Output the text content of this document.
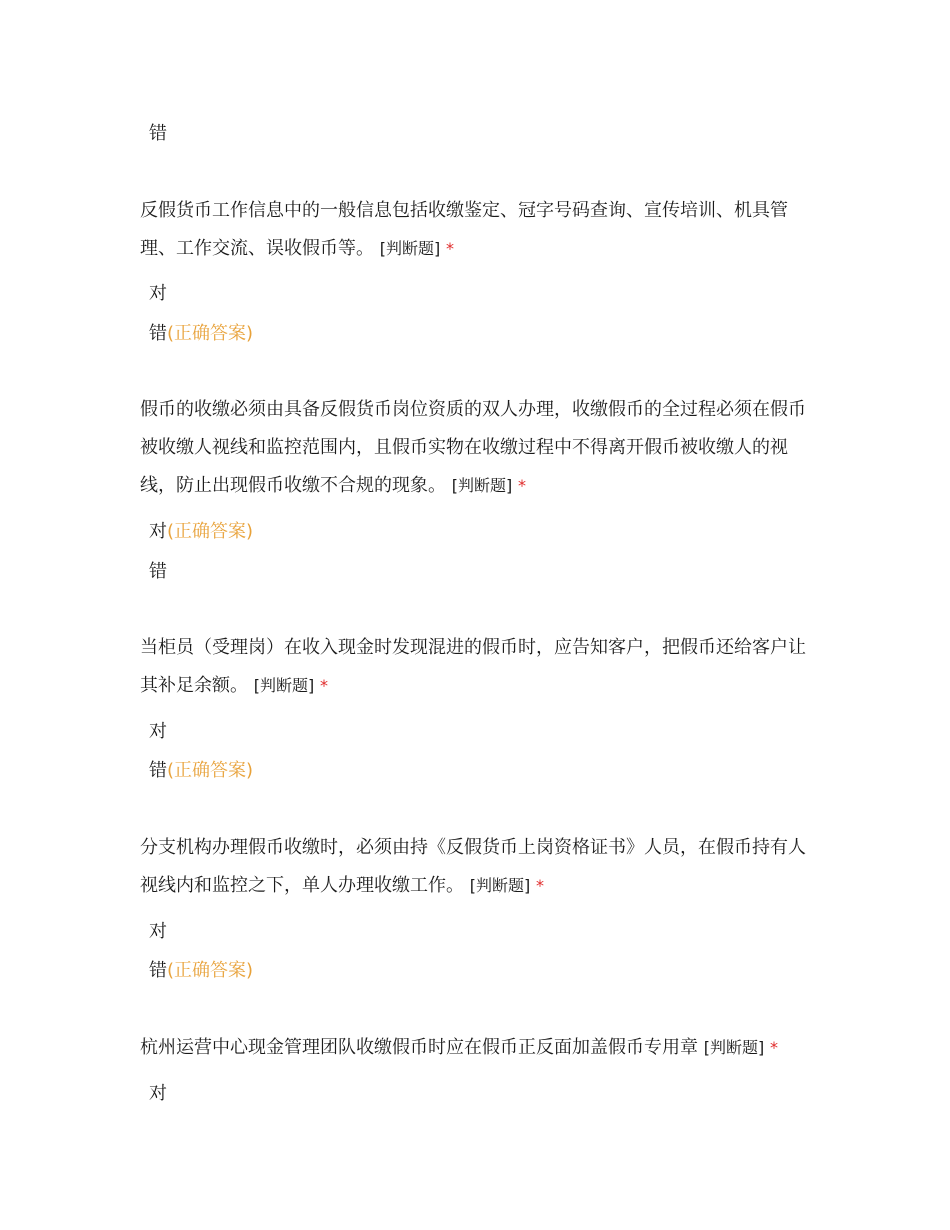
错
反假货币工作信息中的一般信息包括收缴鉴定、冠字号码查询、宣传培训、机具管理、工作交流、误收假币等。 [判断题] *
对
错(正确答案)
假币的收缴必须由具备反假货币岗位资质的双人办理，收缴假币的全过程必须在假币被收缴人视线和监控范围内，且假币实物在收缴过程中不得离开假币被收缴人的视线，防止出现假币收缴不合规的现象。 [判断题] *
对(正确答案)
错
当柜员（受理岗）在收入现金时发现混进的假币时，应告知客户，把假币还给客户让其补足余额。 [判断题] *
对
错(正确答案)
分支机构办理假币收缴时，必须由持《反假货币上岗资格证书》人员，在假币持有人视线内和监控之下，单人办理收缴工作。 [判断题] *
对
错(正确答案)
杭州运营中心现金管理团队收缴假币时应在假币正反面加盖假币专用章 [判断题] *
对
